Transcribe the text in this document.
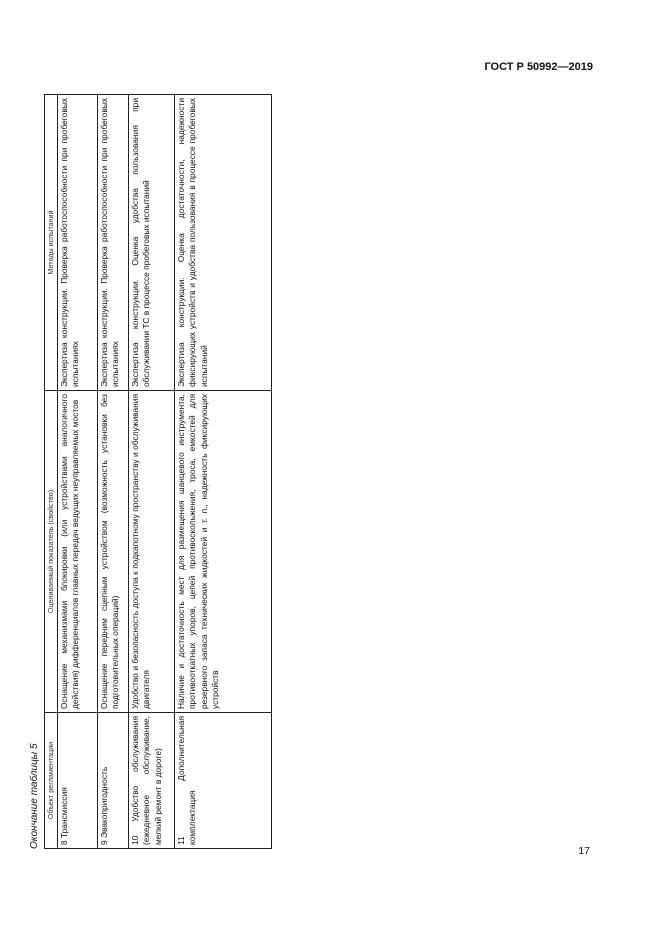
ГОСТ Р 50992—2019
Окончание таблицы 5 Объект регламентации	Оцениваемый показатель (свойство)	Методы испытаний
8 Трансмиссия	Оснащение механизмами блокировки (или устройствами аналогичного действия) дифференциалов главных передач ведущих неуправляемых мостов	Экспертиза конструкции. Проверка работоспособности при пробеговых испытаниях
9 Эвакопригодность	Оснащение передним сцепным устройством (возможность установки без подготовительных операций)	Экспертиза конструкции. Проверка работоспособности при пробеговых испытаниях
10 Удобство обслуживания (ежедневное обслуживание, мелкий ремонт в дороге)	Удобство и безопасность доступа к подкапотному пространству и обслуживания двигателя	Экспертиза конструкции. Оценка удобства пользования при обслуживании ТС в процессе пробеговых испытаний
11 Дополнительная комплектация	Наличие и достаточность мест для размещения шанцевого инструмента, противооткатных упоров, цепей противоскольжения, троса, емкостей для резервного запаса технических жидкостей и т. п., надежность фиксирующих устройств	Экспертиза конструкции. Оценка достаточности, надежности фиксирующих устройств и удобства пользования в процессе пробеговых испытаний
17
